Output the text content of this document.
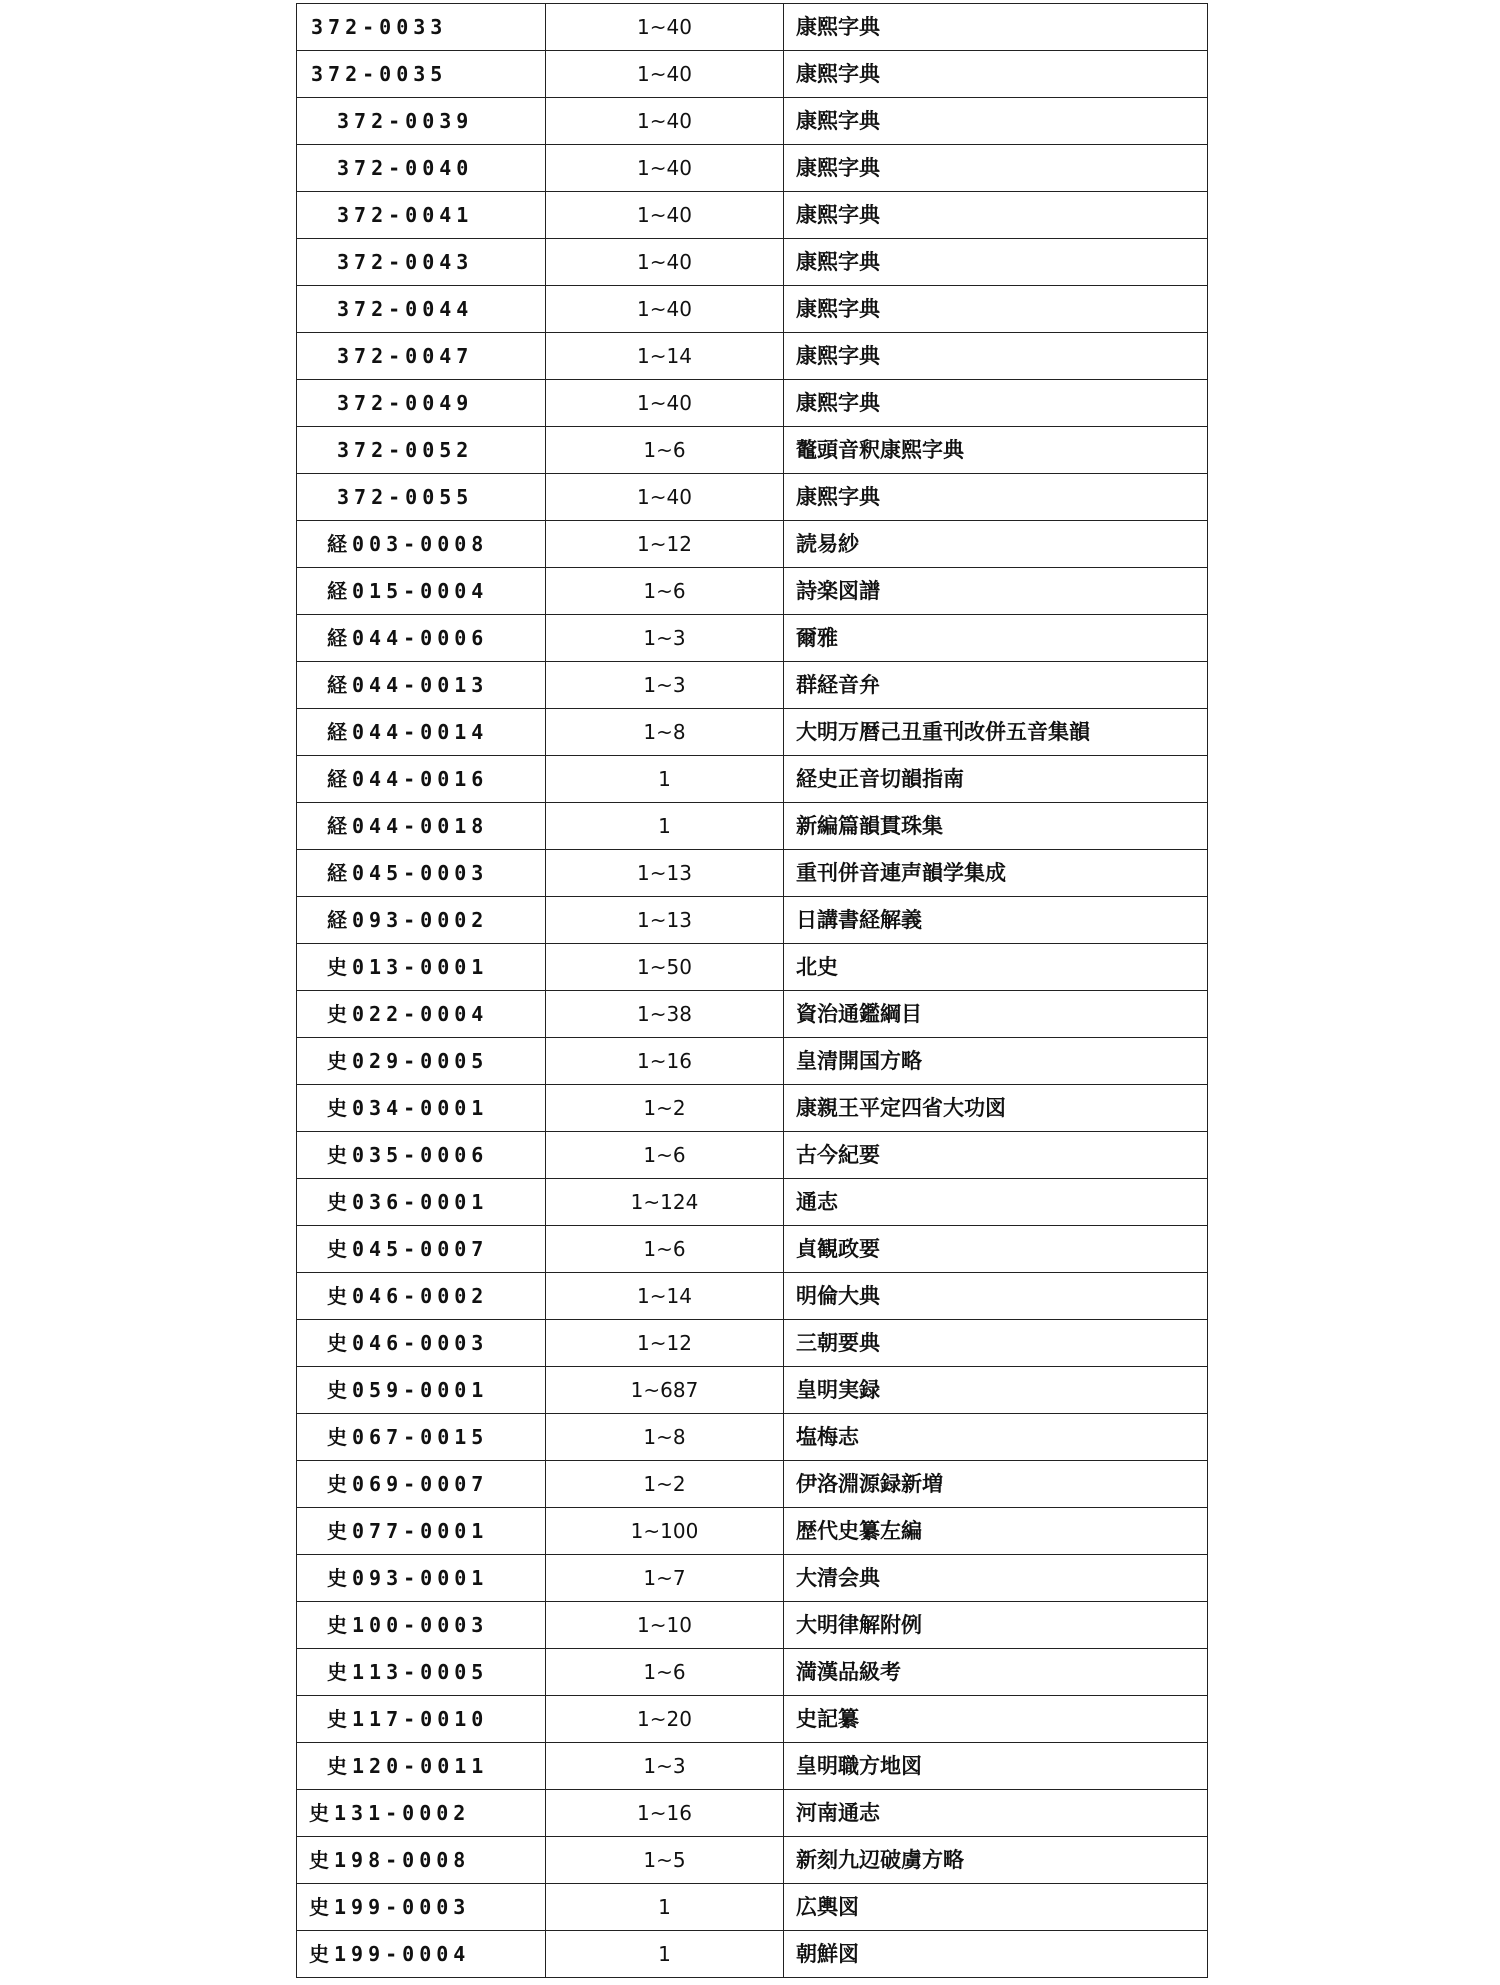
372-0033	1~40	康熙字典
372-0035	1~40	康熙字典
372-0039	1~40	康熙字典
372-0040	1~40	康熙字典
372-0041	1~40	康熙字典
372-0043	1~40	康熙字典
372-0044	1~40	康熙字典
372-0047	1~14	康熙字典
372-0049	1~40	康熙字典
372-0052	1~6	鼇頭音釈康熙字典
372-0055	1~40	康熙字典
経003-0008	1~12	読易紗
経015-0004	1~6	詩楽図譜
経044-0006	1~3	爾雅
経044-0013	1~3	群経音弁
経044-0014	1~8	大明万暦己丑重刊改併五音集韻
経044-0016	1	経史正音切韻指南
経044-0018	1	新編篇韻貫珠集
経045-0003	1~13	重刊併音連声韻学集成
経093-0002	1~13	日講書経解義
史013-0001	1~50	北史
史022-0004	1~38	資治通鑑綱目
史029-0005	1~16	皇清開国方略
史034-0001	1~2	康親王平定四省大功図
史035-0006	1~6	古今紀要
史036-0001	1~124	通志
史045-0007	1~6	貞観政要
史046-0002	1~14	明倫大典
史046-0003	1~12	三朝要典
史059-0001	1~687	皇明実録
史067-0015	1~8	塩梅志
史069-0007	1~2	伊洛淵源録新増
史077-0001	1~100	歴代史纂左編
史093-0001	1~7	大清会典
史100-0003	1~10	大明律解附例
史113-0005	1~6	満漢品級考
史117-0010	1~20	史記纂
史120-0011	1~3	皇明職方地図
史131-0002	1~16	河南通志
史198-0008	1~5	新刻九辺破虜方略
史199-0003	1	広輿図
史199-0004	1	朝鮮図
